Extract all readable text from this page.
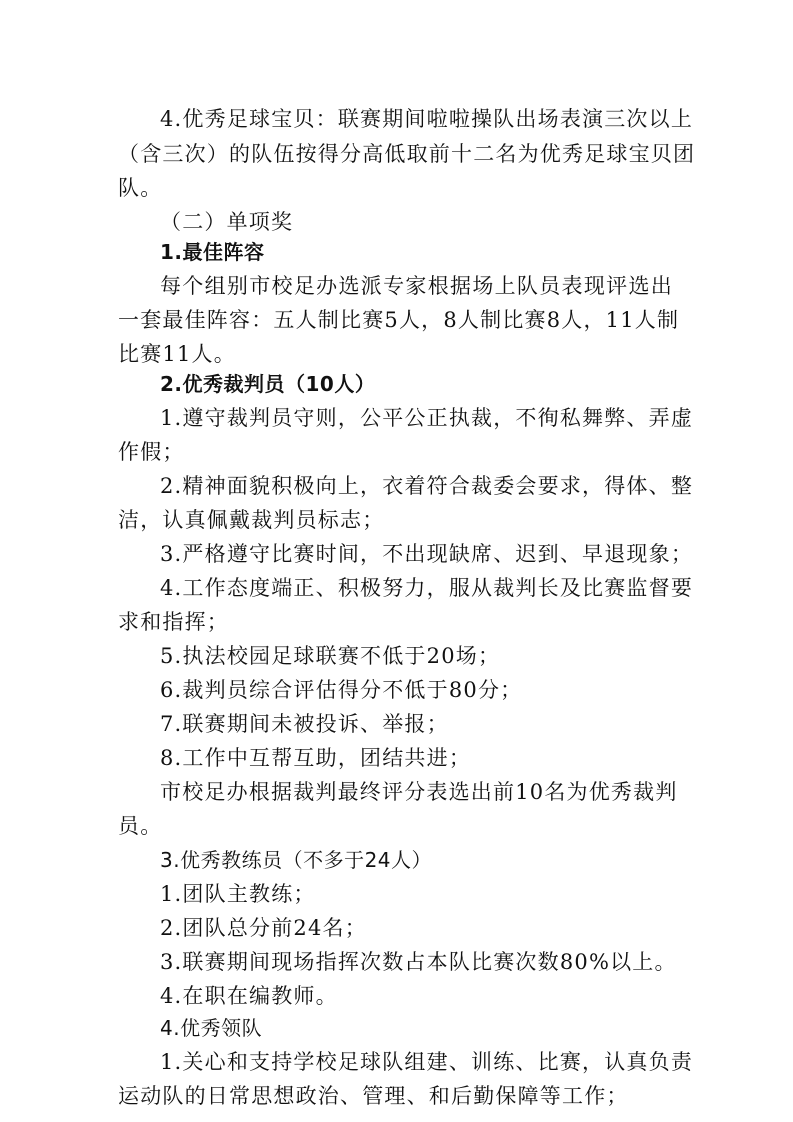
4.优秀足球宝贝：联赛期间啦啦操队出场表演三次以上
（含三次）的队伍按得分高低取前十二名为优秀足球宝贝团
队。
（二）单项奖
1.最佳阵容
每个组别市校足办选派专家根据场上队员表现评选出
一套最佳阵容：五人制比赛5人，8人制比赛8人，11人制
比赛11人。
2.优秀裁判员（10人）
1.遵守裁判员守则，公平公正执裁，不徇私舞弊、弄虚
作假；
2.精神面貌积极向上，衣着符合裁委会要求，得体、整
洁，认真佩戴裁判员标志；
3.严格遵守比赛时间，不出现缺席、迟到、早退现象；
4.工作态度端正、积极努力，服从裁判长及比赛监督要
求和指挥；
5.执法校园足球联赛不低于20场；
6.裁判员综合评估得分不低于80分；
7.联赛期间未被投诉、举报；
8.工作中互帮互助，团结共进；
市校足办根据裁判最终评分表选出前10名为优秀裁判
员。
3.优秀教练员（不多于24人）
1.团队主教练；
2.团队总分前24名；
3.联赛期间现场指挥次数占本队比赛次数80%以上。
4.在职在编教师。
4.优秀领队
1.关心和支持学校足球队组建、训练、比赛，认真负责
运动队的日常思想政治、管理、和后勤保障等工作；
